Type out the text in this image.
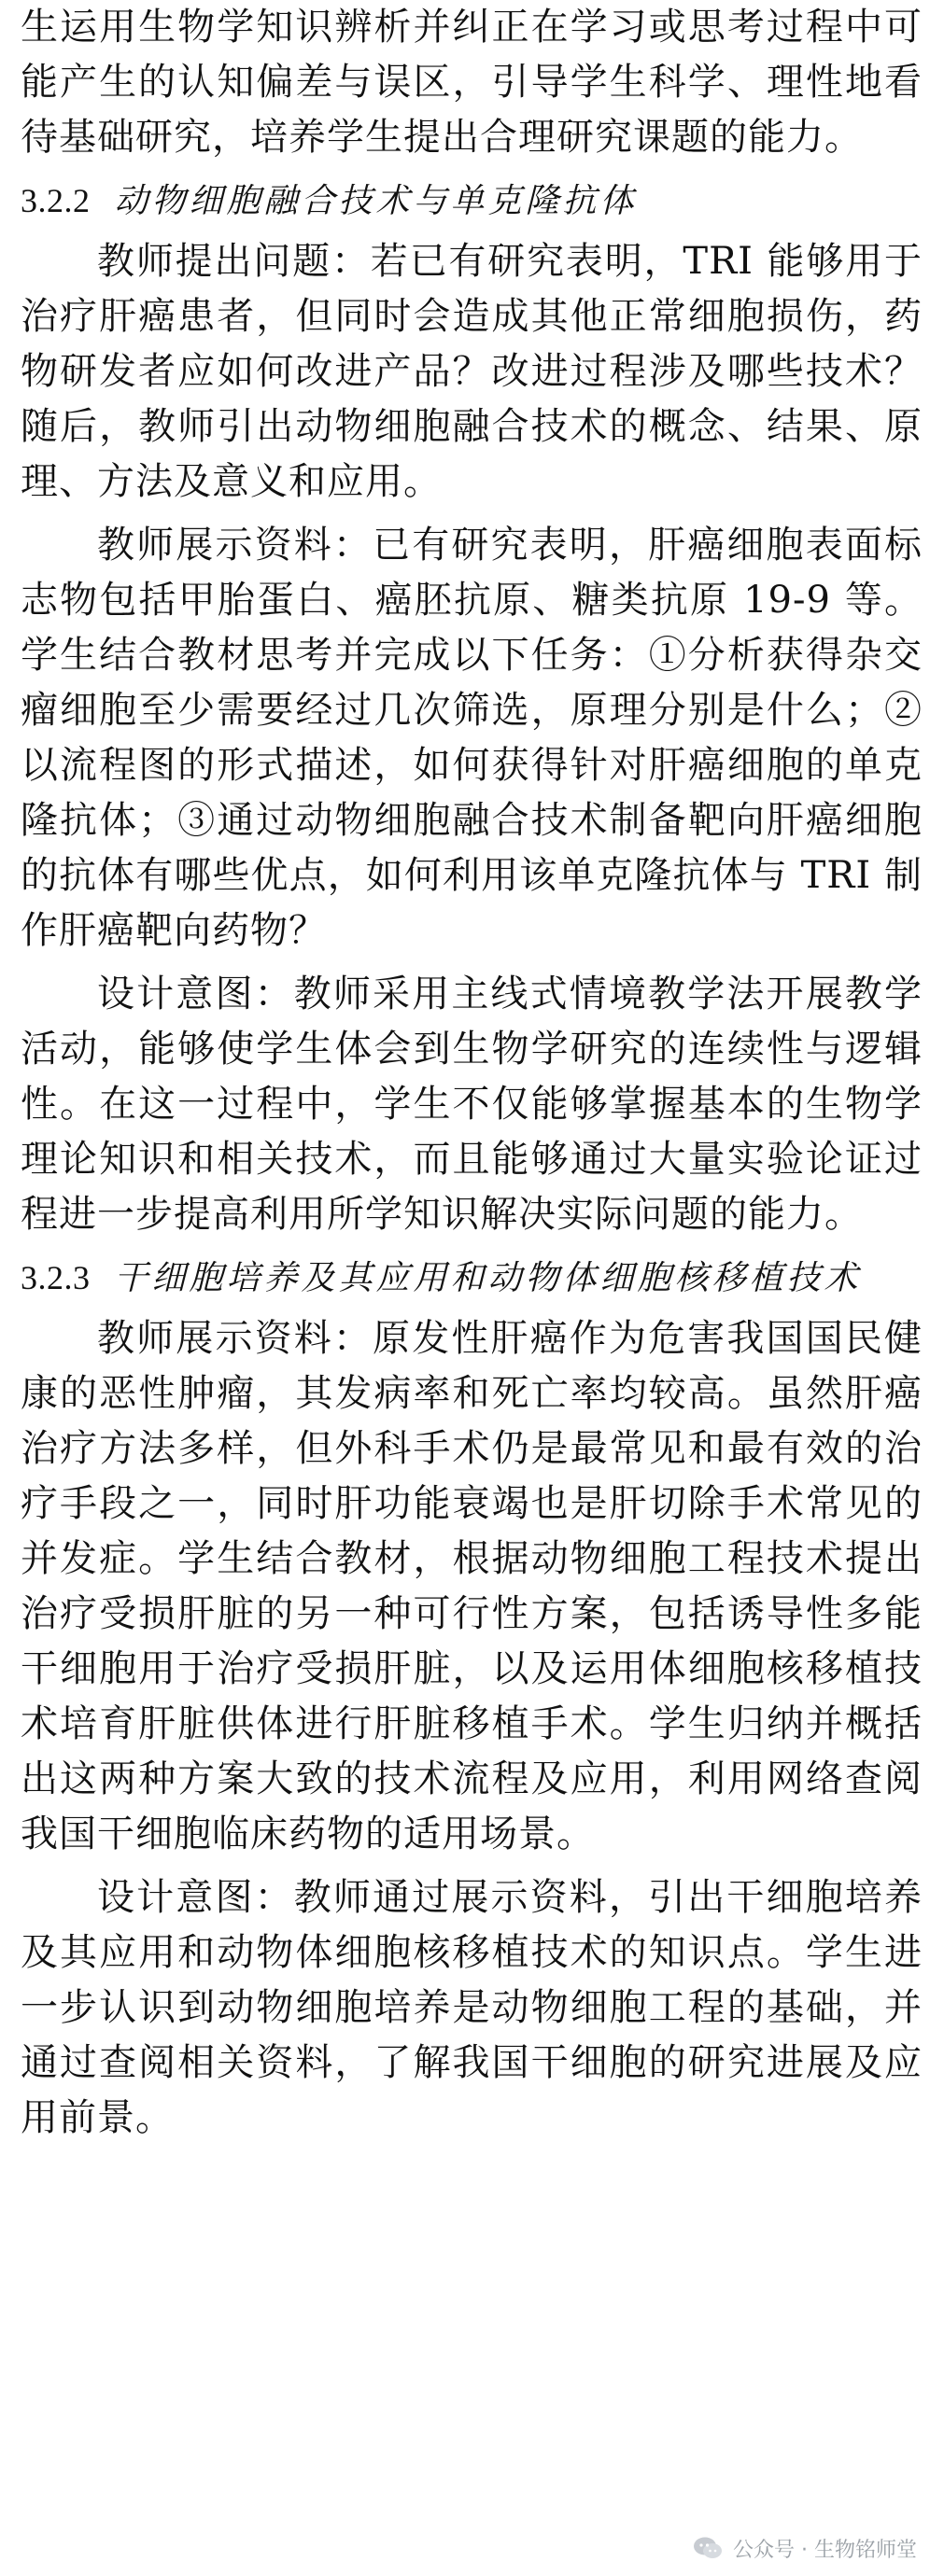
生运用生物学知识辨析并纠正在学习或思考过程中可能产生的认知偏差与误区，引导学生科学、理性地看待基础研究，培养学生提出合理研究课题的能力。

3.2.2 动物细胞融合技术与单克隆抗体

教师提出问题：若已有研究表明，TRI 能够用于治疗肝癌患者，但同时会造成其他正常细胞损伤，药物研发者应如何改进产品？改进过程涉及哪些技术？随后，教师引出动物细胞融合技术的概念、结果、原理、方法及意义和应用。

教师展示资料：已有研究表明，肝癌细胞表面标志物包括甲胎蛋白、癌胚抗原、糖类抗原 19-9 等。学生结合教材思考并完成以下任务：①分析获得杂交瘤细胞至少需要经过几次筛选，原理分别是什么；②以流程图的形式描述，如何获得针对肝癌细胞的单克隆抗体；③通过动物细胞融合技术制备靶向肝癌细胞的抗体有哪些优点，如何利用该单克隆抗体与 TRI 制作肝癌靶向药物？

设计意图：教师采用主线式情境教学法开展教学活动，能够使学生体会到生物学研究的连续性与逻辑性。在这一过程中，学生不仅能够掌握基本的生物学理论知识和相关技术，而且能够通过大量实验论证过程进一步提高利用所学知识解决实际问题的能力。

3.2.3 干细胞培养及其应用和动物体细胞核移植技术

教师展示资料：原发性肝癌作为危害我国国民健康的恶性肿瘤，其发病率和死亡率均较高。虽然肝癌治疗方法多样，但外科手术仍是最常见和最有效的治疗手段之一，同时肝功能衰竭也是肝切除手术常见的并发症。学生结合教材，根据动物细胞工程技术提出治疗受损肝脏的另一种可行性方案，包括诱导性多能干细胞用于治疗受损肝脏，以及运用体细胞核移植技术培育肝脏供体进行肝脏移植手术。学生归纳并概括出这两种方案大致的技术流程及应用，利用网络查阅我国干细胞临床药物的适用场景。

设计意图：教师通过展示资料，引出干细胞培养及其应用和动物体细胞核移植技术的知识点。学生进一步认识到动物细胞培养是动物细胞工程的基础，并通过查阅相关资料，了解我国干细胞的研究进展及应用前景。

公众号 · 生物铭师堂
